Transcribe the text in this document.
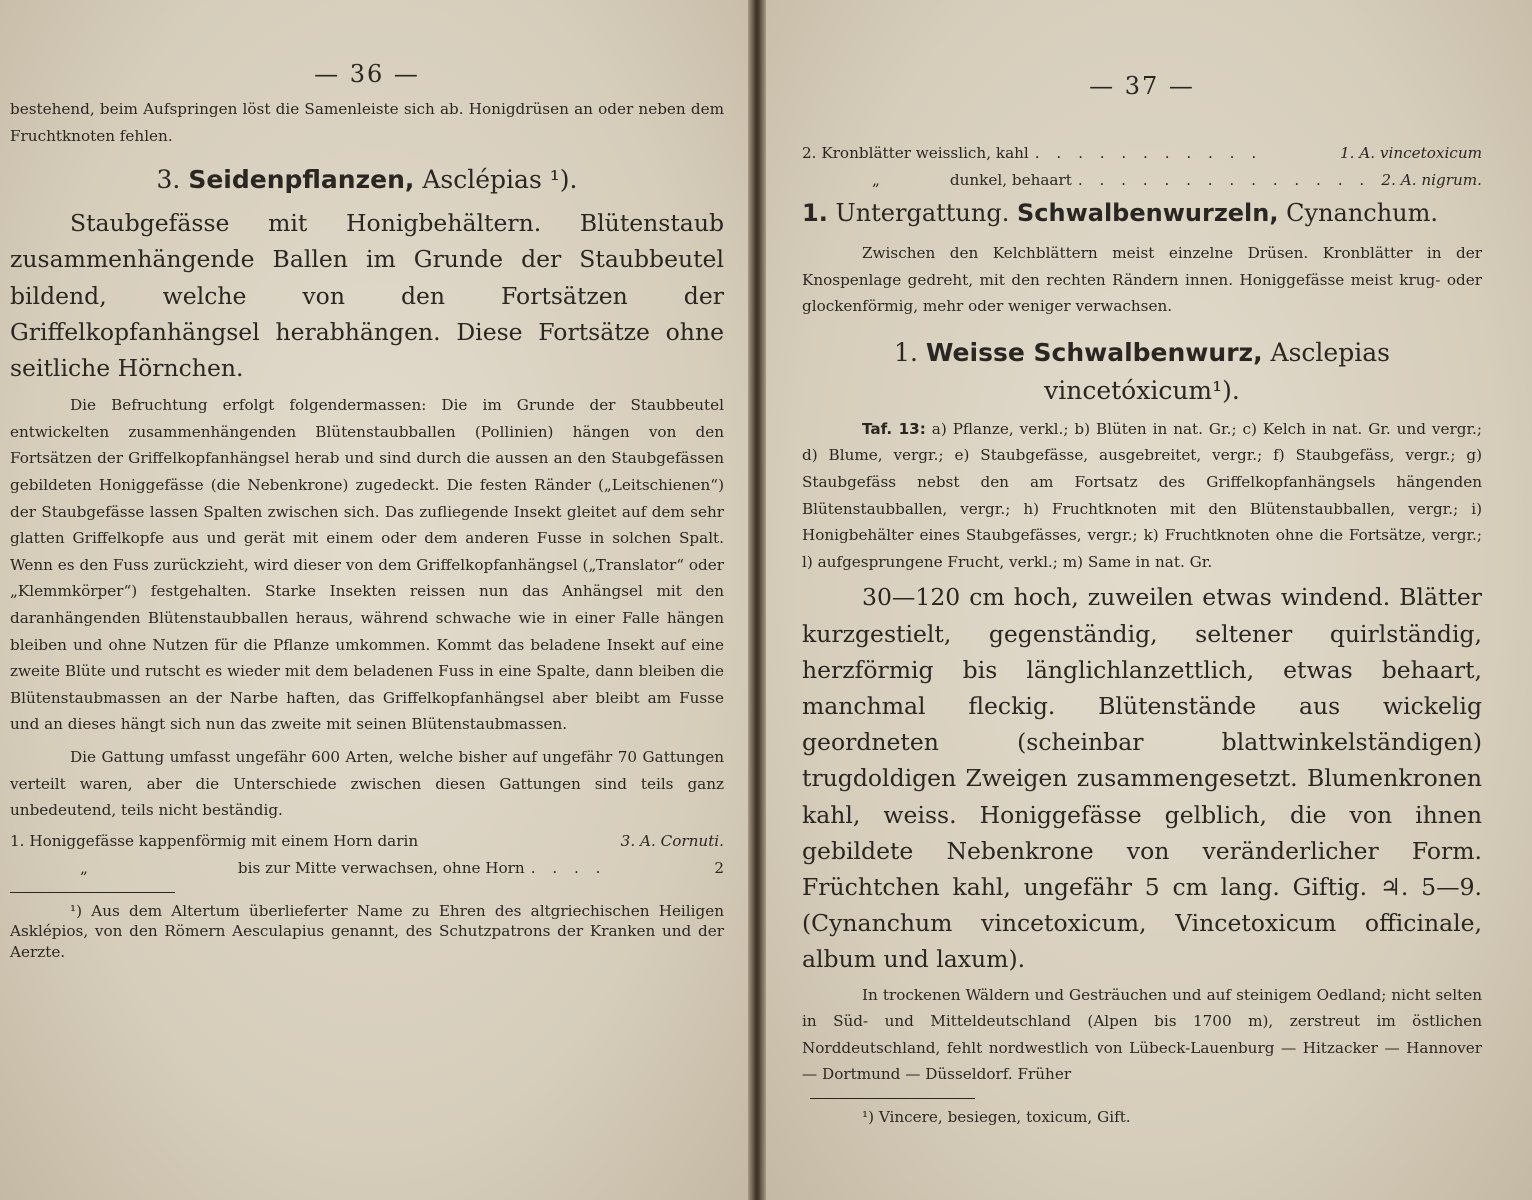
— 36 —

bestehend, beim Aufspringen löst die Samenleiste sich ab. Honigdrüsen an oder neben dem Fruchtknoten fehlen.

3. Seidenpflanzen, Asclépias ¹).

Staubgefässe mit Honigbehältern. Blütenstaub zusammenhängende Ballen im Grunde der Staubbeutel bildend, welche von den Fortsätzen der Griffelkopfanhängsel herabhängen. Diese Fortsätze ohne seitliche Hörnchen.

Die Befruchtung erfolgt folgendermassen: Die im Grunde der Staubbeutel entwickelten zusammenhängenden Blütenstaubballen (Pollinien) hängen von den Fortsätzen der Griffelkopfanhängsel herab und sind durch die aussen an den Staubgefässen gebildeten Honiggefässe (die Nebenkrone) zugedeckt. Die festen Ränder („Leitschienen“) der Staubgefässe lassen Spalten zwischen sich. Das zufliegende Insekt gleitet auf dem sehr glatten Griffelkopfe aus und gerät mit einem oder dem anderen Fusse in solchen Spalt. Wenn es den Fuss zurückzieht, wird dieser von dem Griffelkopfanhängsel („Translator“ oder „Klemmkörper“) festgehalten. Starke Insekten reissen nun das Anhängsel mit den daranhängenden Blütenstaubballen heraus, während schwache wie in einer Falle hängen bleiben und ohne Nutzen für die Pflanze umkommen. Kommt das beladene Insekt auf eine zweite Blüte und rutscht es wieder mit dem beladenen Fuss in eine Spalte, dann bleiben die Blütenstaubmassen an der Narbe haften, das Griffelkopfanhängsel aber bleibt am Fusse und an dieses hängt sich nun das zweite mit seinen Blütenstaubmassen.

Die Gattung umfasst ungefähr 600 Arten, welche bisher auf ungefähr 70 Gattungen verteilt waren, aber die Unterschiede zwischen diesen Gattungen sind teils ganz unbedeutend, teils nicht beständig.

1.
Honiggefässe kappenförmig mit einem Horn darin	3. A. Cornuti.
„	bis zur Mitte verwachsen, ohne Horn . . . .	2

¹) Aus dem Altertum überlieferter Name zu Ehren des altgriechischen Heiligen Asklépios, von den Römern Aesculapius genannt, des Schutzpatrons der Kranken und der Aerzte.

— 37 —
2.
Kronblätter weisslich, kahl . . . . . . . . . . .	1. A. vincetoxicum
„	dunkel, behaart . . . . . . . . . . . . . . 2. A. nigrum.
1. Untergattung. Schwalbenwurzeln, Cynanchum.

Zwischen den Kelchblättern meist einzelne Drüsen. Kronblätter in der Knospenlage gedreht, mit den rechten Rändern innen. Honiggefässe meist krug- oder glockenförmig, mehr oder weniger verwachsen.

1. Weisse Schwalbenwurz, Asclepias
vincetóxicum¹).

Taf. 13: a) Pflanze, verkl.; b) Blüten in nat. Gr.; c) Kelch in nat. Gr. und vergr.; d) Blume, vergr.; e) Staubgefässe, ausgebreitet, vergr.; f) Staubgefäss, vergr.; g) Staubgefäss nebst den am Fortsatz des Griffelkopfanhängsels hängenden Blütenstaubballen, vergr.; h) Fruchtknoten mit den Blütenstaubballen, vergr.; i) Honigbehälter eines Staubgefässes, vergr.; k) Fruchtknoten ohne die Fortsätze, vergr.; l) aufgesprungene Frucht, verkl.; m) Same in nat. Gr.

30—120 cm hoch, zuweilen etwas windend. Blätter kurzgestielt, gegenständig, seltener quirlständig, herzförmig bis länglichlanzettlich, etwas behaart, manchmal fleckig. Blütenstände aus wickelig geordneten (scheinbar blattwinkelständigen) trugdoldigen Zweigen zusammengesetzt. Blumenkronen kahl, weiss. Honiggefässe gelblich, die von ihnen gebildete Nebenkrone von veränderlicher Form. Früchtchen kahl, ungefähr 5 cm lang. Giftig. ♃. 5—9. (Cynanchum vincetoxicum, Vincetoxicum officinale, album und laxum).

In trockenen Wäldern und Gesträuchen und auf steinigem Oedland; nicht selten in Süd- und Mitteldeutschland (Alpen bis 1700 m), zerstreut im östlichen Norddeutschland, fehlt nordwestlich von Lübeck-Lauenburg — Hitzacker — Hannover — Dortmund — Düsseldorf. Früher

¹) Vincere, besiegen, toxicum, Gift.
